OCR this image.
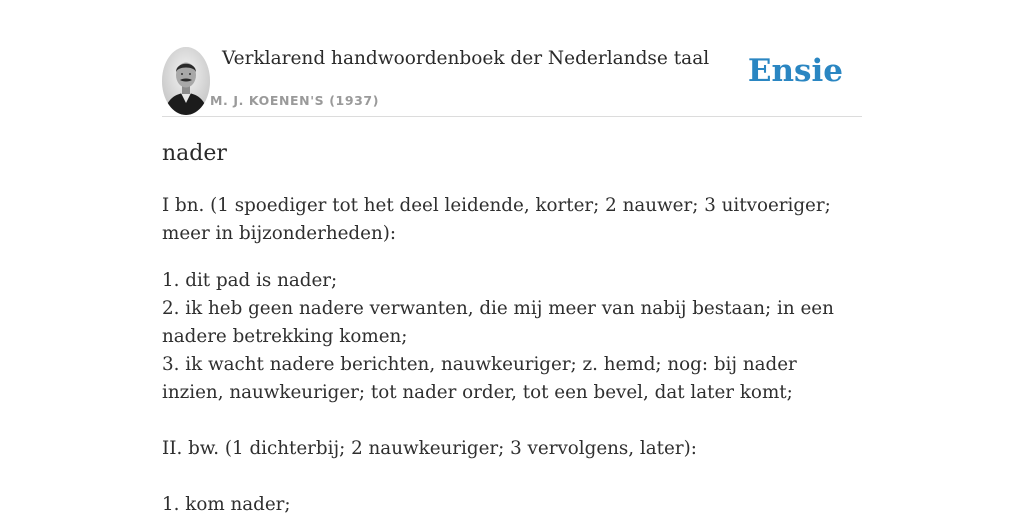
Verklarend handwoordenboek der Nederlandse taal
M. J. KOENEN'S (1937)
Ensie
nader

I bn. (1 spoediger tot het deel leidende, korter; 2 nauwer; 3 uitvoeriger; meer in bijzonderheden):

1. dit pad is nader;
2. ik heb geen nadere verwanten, die mij meer van nabij bestaan; in een nadere betrekking komen;
3. ik wacht nadere berichten, nauwkeuriger; z. hemd; nog: bij nader inzien, nauwkeuriger; tot nader order, tot een bevel, dat later komt;

II. bw. (1 dichterbij; 2 nauwkeuriger; 3 vervolgens, later):

1. kom nader;
